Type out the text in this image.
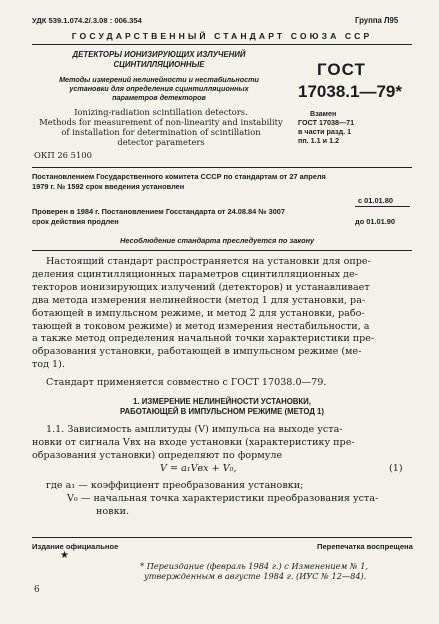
УДК 539.1.074.2/.3.08 : 006.354	Группа Л95
ГОСУДАРСТВЕННЫЙ СТАНДАРТ СОЮЗА ССР
ДЕТЕКТОРЫ ИОНИЗИРУЮЩИХ ИЗЛУЧЕНИЙ СЦИНТИЛЛЯЦИОННЫЕ
Методы измерений нелинейности и нестабильности
установки для определения сцинтилляционных
параметров детекторов
Ionizing-radiation scintillation detectors.
Methods for measurement of non-linearity and instability
of installation for determination of scintillation
detector parameters
ОКП 26 5100
ГОСТ
17038.1—79*
Взамен
ГОСТ 17038—71
в части разд. 1
пп. 1.1 и 1.2
Постановлением Государственного комитета СССР по стандартам от 27 апреля
1979 г. № 1592 срок введения установлен
с 01.01.80
Проверен в 1984 г. Постановлением Госстандарта от 24.08.84 № 3007
срок действия продлен	до 01.01.90
Несоблюдение стандарта преследуется по закону
Настоящий стандарт распространяется на установки для опре-
деления сцинтилляционных параметров сцинтилляционных де-
текторов ионизирующих излучений (детекторов) и устанавливает
два метода измерения нелинейности (метод 1 для установки, ра-
ботающей в импульсном режиме, и метод 2 для установки, рабо-
тающей в токовом режиме) и метод измерения нестабильности, а
а также метод определения начальной точки характеристики пре-
образования установки, работающей в импульсном режиме (ме-
тод 1).
Стандарт применяется совместно с ГОСТ 17038.0—79.
1. ИЗМЕРЕНИЕ НЕЛИНЕЙНОСТИ УСТАНОВКИ,
РАБОТАЮЩЕЙ В ИМПУЛЬСНОМ РЕЖИМЕ (МЕТОД 1)
1.1. Зависимость амплитуды (V) импульса на выходе уста-
новки от сигнала Vвх на входе установки (характеристику пре-
образования установки) определяют по формуле
V = a₁Vвх + V₀,	(1)
где a₁ — коэффициент преобразования установки;
V₀ — начальная точка характеристики преобразования уста-
новки.
Издание официальное	Перепечатка воспрещена
★
* Переиздание (февраль 1984 г.) с Изменением № 1,
утвержденным в августе 1984 г. (ИУС № 12—84).
6
